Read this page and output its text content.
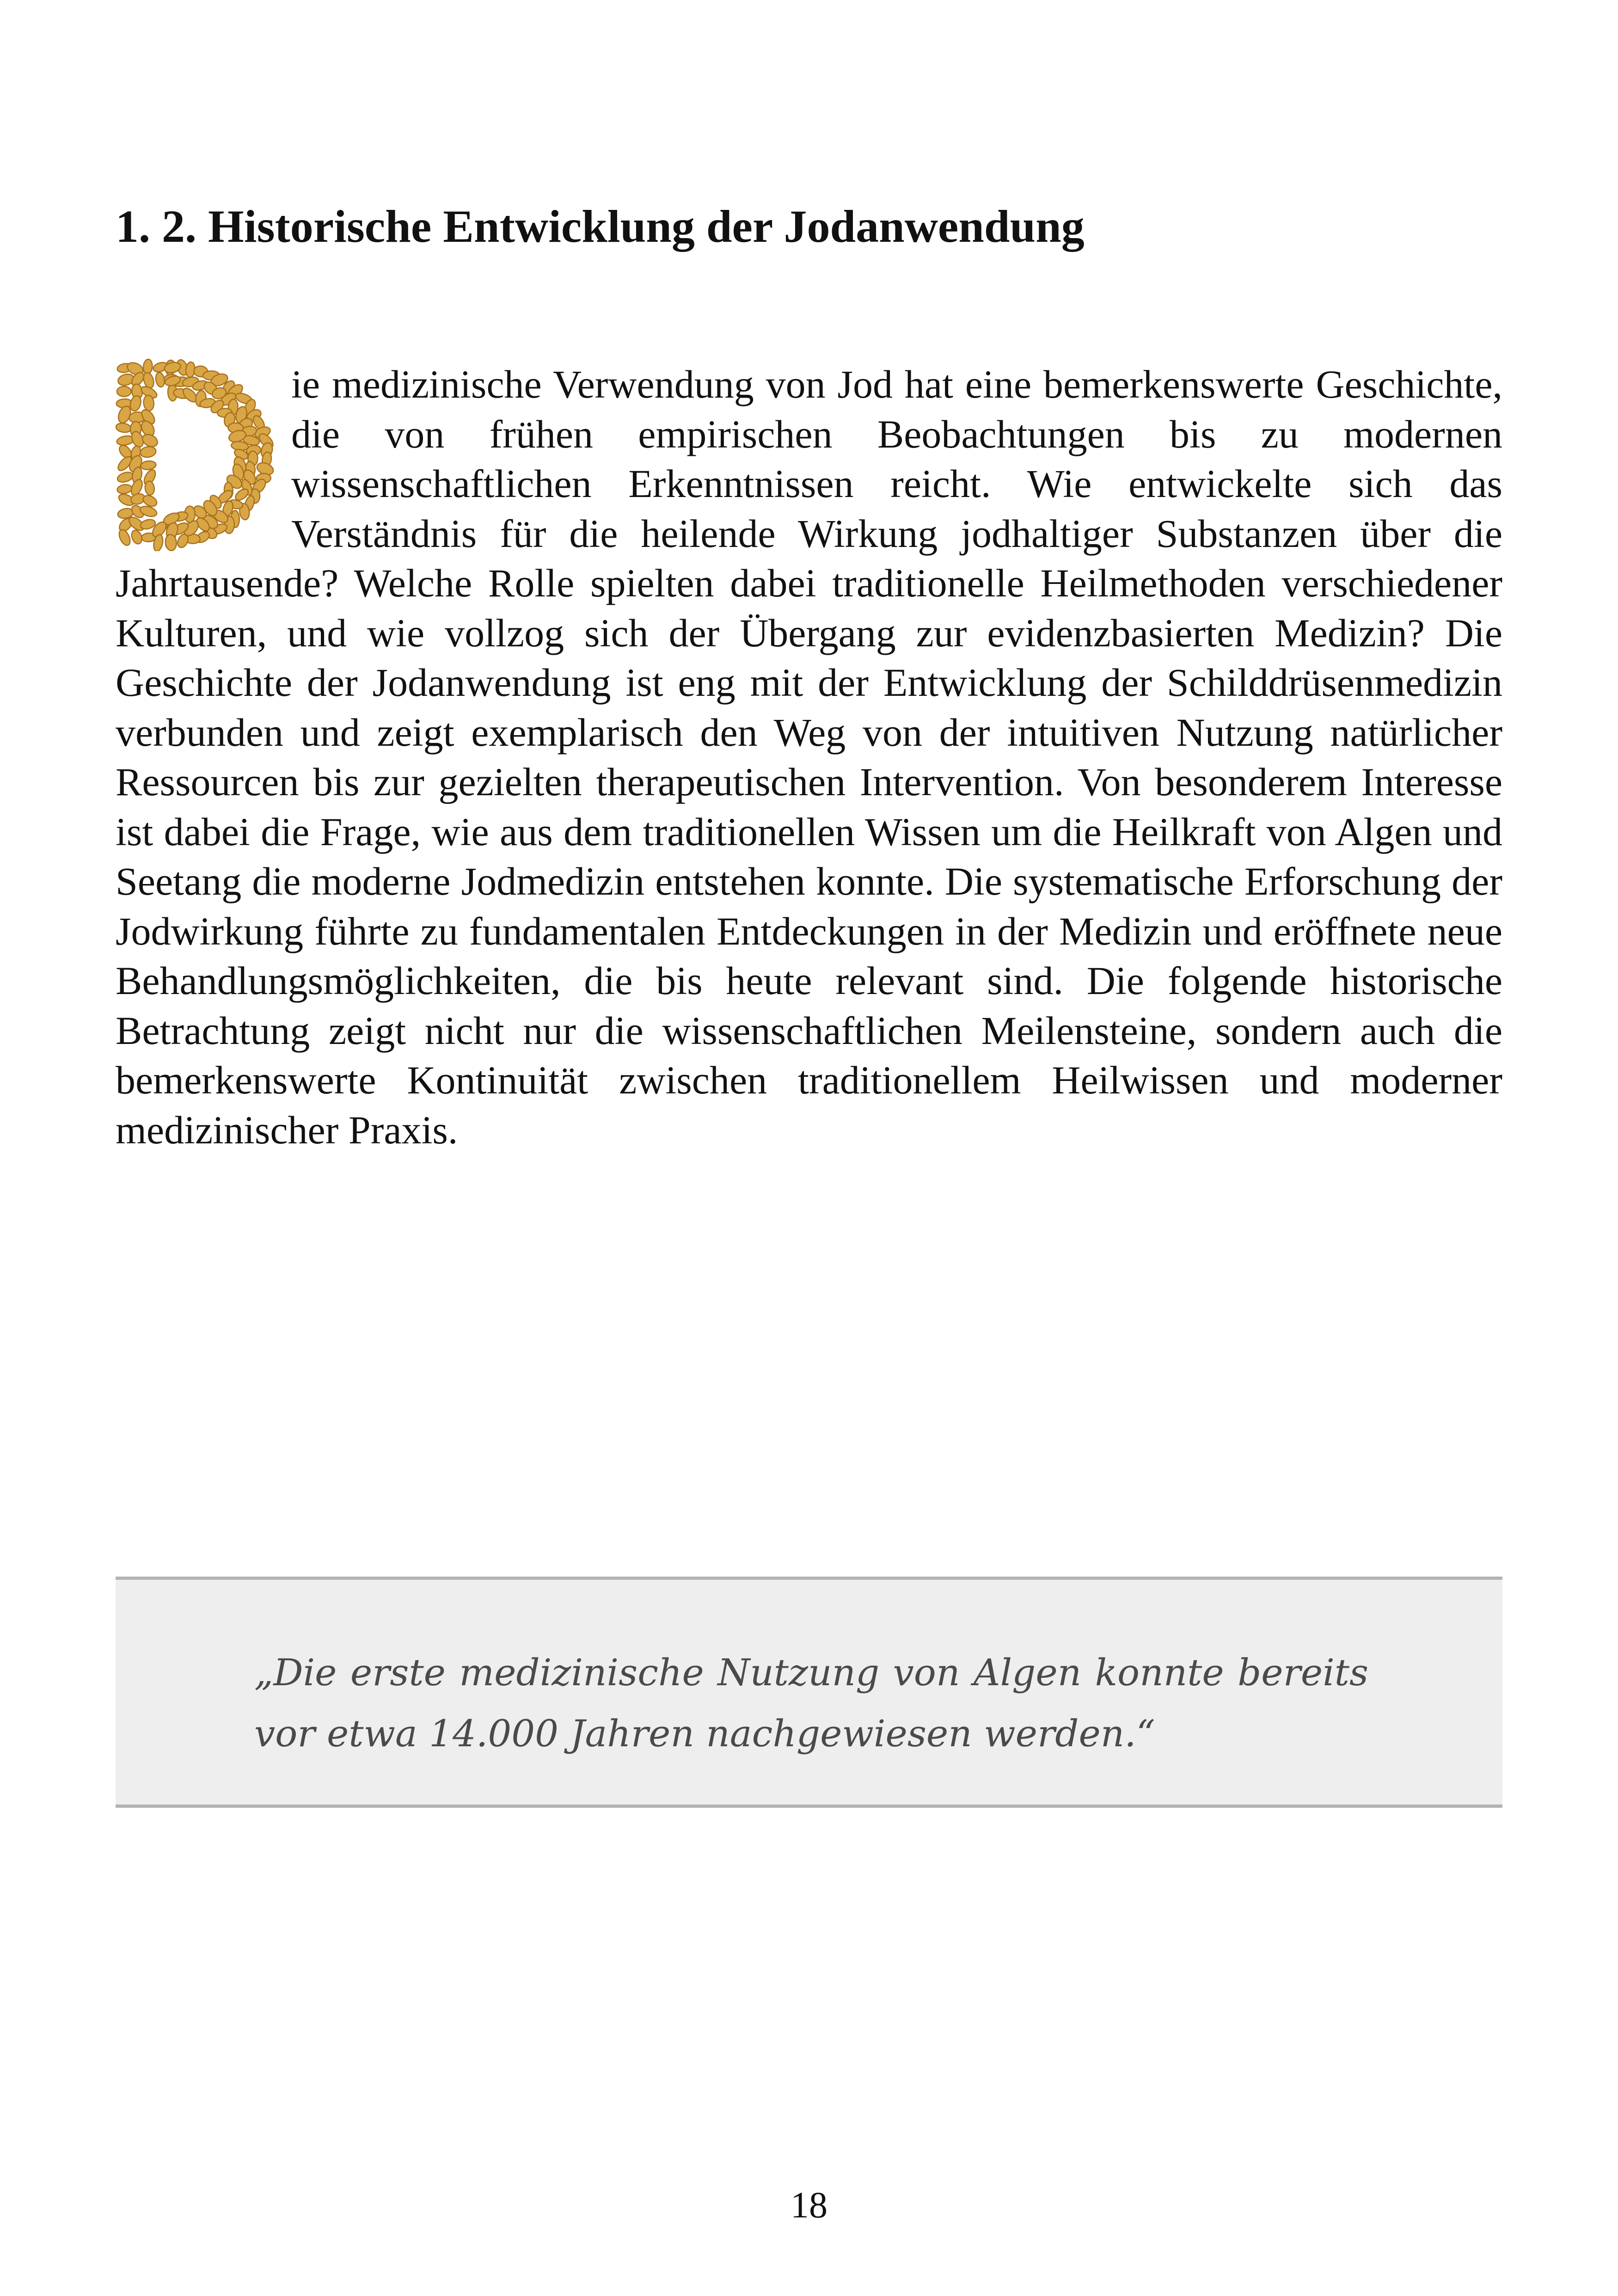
1. 2. Historische Entwicklung der Jodanwendung
ie medizinische Verwendung von Jod hat eine bemerkenswerte Geschichte, die von frühen empirischen Beobachtungen bis zu modernen wissenschaftlichen Erkenntnissen reicht. Wie entwickelte sich das Verständnis für die heilende Wirkung jodhaltiger Substanzen über die Jahrtausende? Welche Rolle spielten dabei traditionelle Heilmethoden verschiedener Kulturen, und wie vollzog sich der Übergang zur evidenzbasierten Medizin? Die Geschichte der Jodanwendung ist eng mit der Entwicklung der Schilddrüsenmedizin verbunden und zeigt exemplarisch den Weg von der intuitiven Nutzung natürlicher Ressourcen bis zur gezielten therapeutischen Intervention. Von besonderem Interesse ist dabei die Frage, wie aus dem traditionellen Wissen um die Heilkraft von Algen und Seetang die moderne Jodmedizin entstehen konnte. Die systematische Erforschung der Jodwirkung führte zu fundamentalen Entdeckungen in der Medizin und eröffnete neue Behandlungsmöglichkeiten, die bis heute relevant sind. Die folgende historische Betrachtung zeigt nicht nur die wissenschaftlichen Meilensteine, sondern auch die bemerkenswerte Kontinuität zwischen traditionellem Heilwissen und moderner medizinischer Praxis.

„Die erste medizinische Nutzung von Algen konnte bereits vor etwa 14.000 Jahren nachgewiesen werden.“

18
